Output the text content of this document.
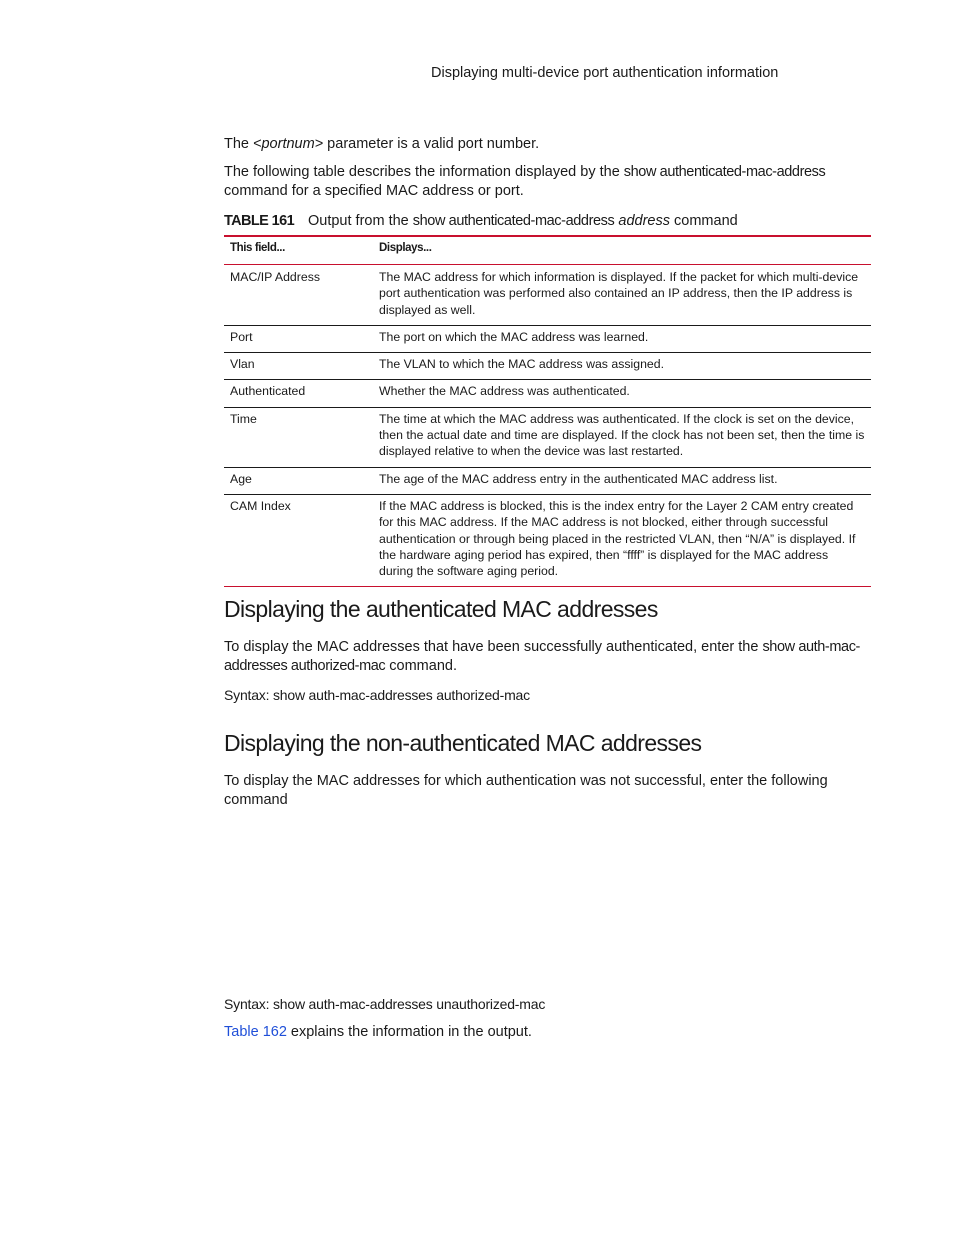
Displaying multi-device port authentication information
The <portnum> parameter is a valid port number.
The following table describes the information displayed by the show authenticated-mac-address command for a specified MAC address or port.
TABLE 161 Output from the show authenticated-mac-address address command
This field...	Displays...
MAC/IP Address	The MAC address for which information is displayed. If the packet for which multi-device port authentication was performed also contained an IP address, then the IP address is displayed as well.
Port	The port on which the MAC address was learned.
Vlan	The VLAN to which the MAC address was assigned.
Authenticated	Whether the MAC address was authenticated.
Time	The time at which the MAC address was authenticated. If the clock is set on the device, then the actual date and time are displayed. If the clock has not been set, then the time is displayed relative to when the device was last restarted.
Age	The age of the MAC address entry in the authenticated MAC address list.
CAM Index	If the MAC address is blocked, this is the index entry for the Layer 2 CAM entry created for this MAC address. If the MAC address is not blocked, either through successful authentication or through being placed in the restricted VLAN, then “N/A” is displayed. If the hardware aging period has expired, then “ffff” is displayed for the MAC address during the software aging period.
Displaying the authenticated MAC addresses
To display the MAC addresses that have been successfully authenticated, enter the show auth-mac-addresses authorized-mac command.
Syntax: show auth-mac-addresses authorized-mac
Displaying the non-authenticated MAC addresses
To display the MAC addresses for which authentication was not successful, enter the following command
Syntax: show auth-mac-addresses unauthorized-mac
Table 162 explains the information in the output.
